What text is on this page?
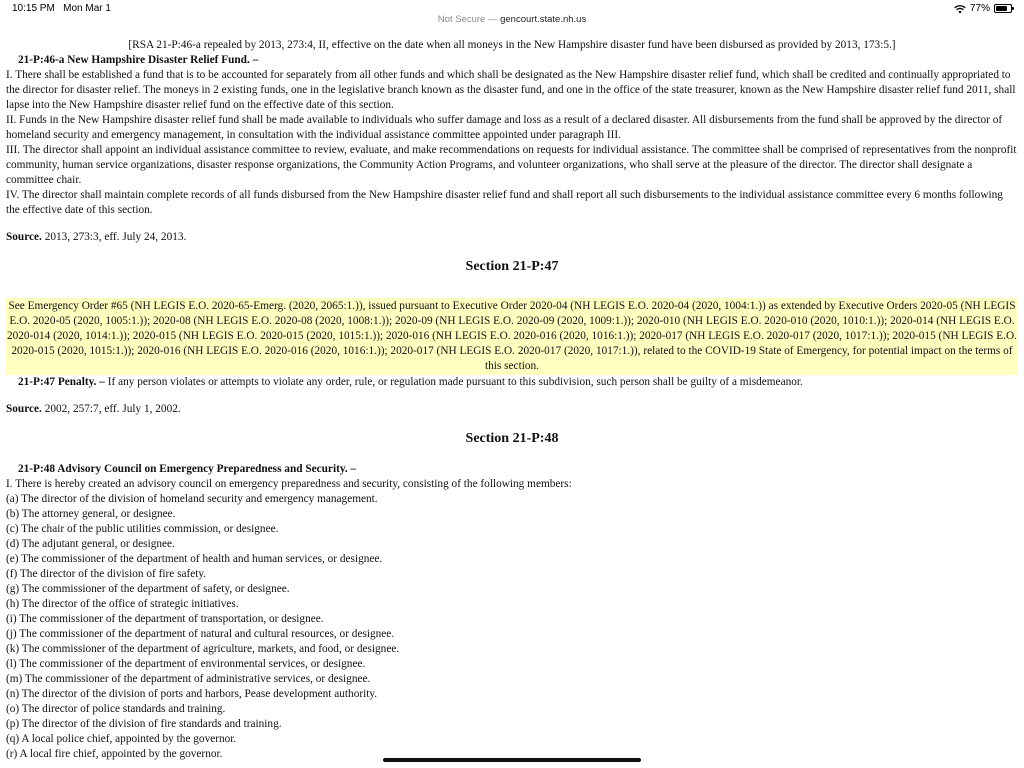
10:15 PM Mon Mar 1	77%
Not Secure — gencourt.state.nh.us

[RSA 21-P:46-a repealed by 2013, 273:4, II, effective on the date when all moneys in the New Hampshire disaster fund have been disbursed as provided by 2013, 173:5.]

21-P:46-a New Hampshire Disaster Relief Fund. –

I. There shall be established a fund that is to be accounted for separately from all other funds and which shall be designated as the New Hampshire disaster relief fund, which shall be credited and continually appropriated to the director for disaster relief. The moneys in 2 existing funds, one in the legislative branch known as the disaster fund, and one in the office of the state treasurer, known as the New Hampshire disaster relief fund 2011, shall lapse into the New Hampshire disaster relief fund on the effective date of this section.

II. Funds in the New Hampshire disaster relief fund shall be made available to individuals who suffer damage and loss as a result of a declared disaster. All disbursements from the fund shall be approved by the director of homeland security and emergency management, in consultation with the individual assistance committee appointed under paragraph III.

III. The director shall appoint an individual assistance committee to review, evaluate, and make recommendations on requests for individual assistance. The committee shall be comprised of representatives from the nonprofit community, human service organizations, disaster response organizations, the Community Action Programs, and volunteer organizations, who shall serve at the pleasure of the director. The director shall designate a committee chair.

IV. The director shall maintain complete records of all funds disbursed from the New Hampshire disaster relief fund and shall report all such disbursements to the individual assistance committee every 6 months following the effective date of this section.

Source. 2013, 273:3, eff. July 24, 2013.

Section 21-P:47

See Emergency Order #65 (NH LEGIS E.O. 2020-65-Emerg. (2020, 2065:1.)), issued pursuant to Executive Order 2020-04 (NH LEGIS E.O. 2020-04 (2020, 1004:1.)) as extended by Executive Orders 2020-05 (NH LEGIS E.O. 2020-05 (2020, 1005:1.)); 2020-08 (NH LEGIS E.O. 2020-08 (2020, 1008:1.)); 2020-09 (NH LEGIS E.O. 2020-09 (2020, 1009:1.)); 2020-010 (NH LEGIS E.O. 2020-010 (2020, 1010:1.)); 2020-014 (NH LEGIS E.O. 2020-014 (2020, 1014:1.)); 2020-015 (NH LEGIS E.O. 2020-015 (2020, 1015:1.)); 2020-016 (NH LEGIS E.O. 2020-016 (2020, 1016:1.)); 2020-017 (NH LEGIS E.O. 2020-017 (2020, 1017:1.)); 2020-015 (NH LEGIS E.O. 2020-015 (2020, 1015:1.)); 2020-016 (NH LEGIS E.O. 2020-016 (2020, 1016:1.)); 2020-017 (NH LEGIS E.O. 2020-017 (2020, 1017:1.)), related to the COVID-19 State of Emergency, for potential impact on the terms of this section.

21-P:47 Penalty. – If any person violates or attempts to violate any order, rule, or regulation made pursuant to this subdivision, such person shall be guilty of a misdemeanor.

Source. 2002, 257:7, eff. July 1, 2002.

Section 21-P:48

21-P:48 Advisory Council on Emergency Preparedness and Security. –

I. There is hereby created an advisory council on emergency preparedness and security, consisting of the following members:

(a) The director of the division of homeland security and emergency management.

(b) The attorney general, or designee.

(c) The chair of the public utilities commission, or designee.

(d) The adjutant general, or designee.

(e) The commissioner of the department of health and human services, or designee.

(f) The director of the division of fire safety.

(g) The commissioner of the department of safety, or designee.

(h) The director of the office of strategic initiatives.

(i) The commissioner of the department of transportation, or designee.

(j) The commissioner of the department of natural and cultural resources, or designee.

(k) The commissioner of the department of agriculture, markets, and food, or designee.

(l) The commissioner of the department of environmental services, or designee.

(m) The commissioner of the department of administrative services, or designee.

(n) The director of the division of ports and harbors, Pease development authority.

(o) The director of police standards and training.

(p) The director of the division of fire standards and training.

(q) A local police chief, appointed by the governor.

(r) A local fire chief, appointed by the governor.
